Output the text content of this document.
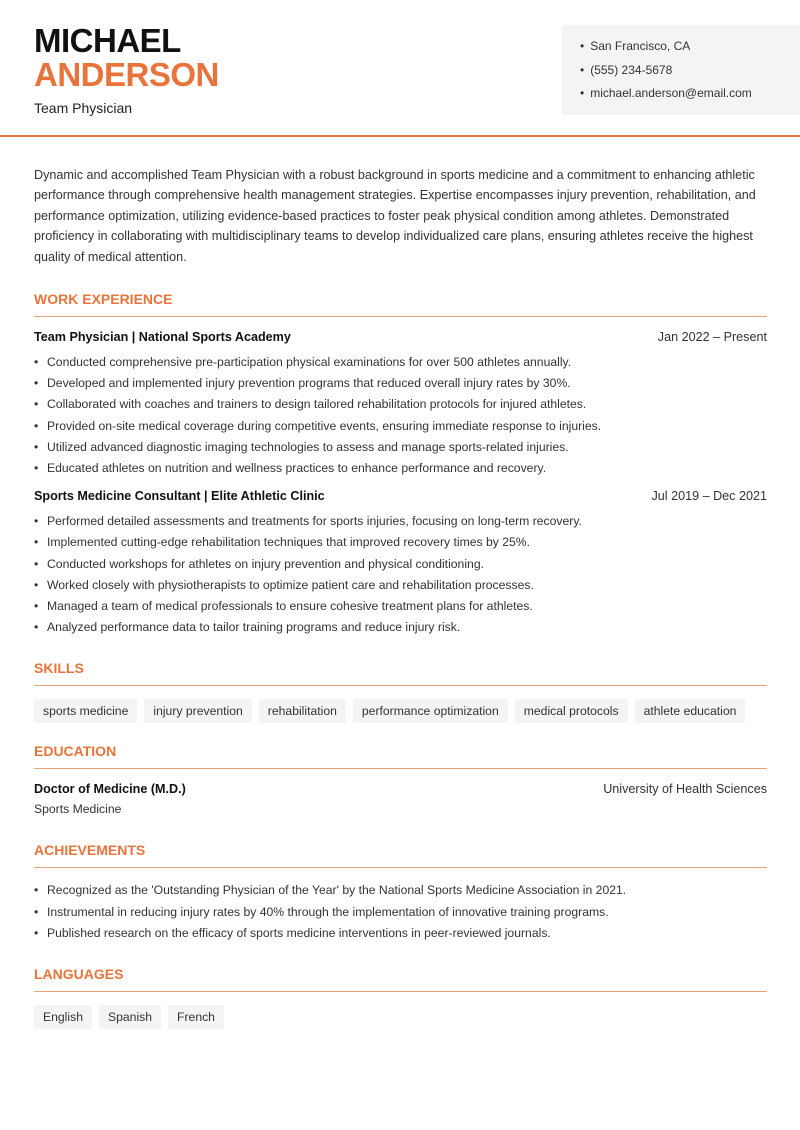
MICHAEL
ANDERSON
Team Physician
• San Francisco, CA
• (555) 234-5678
• michael.anderson@email.com

Dynamic and accomplished Team Physician with a robust background in sports medicine and a commitment to enhancing athletic performance through comprehensive health management strategies. Expertise encompasses injury prevention, rehabilitation, and performance optimization, utilizing evidence-based practices to foster peak physical condition among athletes. Demonstrated proficiency in collaborating with multidisciplinary teams to develop individualized care plans, ensuring athletes receive the highest quality of medical attention.

WORK EXPERIENCE
Team Physician | National Sports Academy	Jan 2022 – Present
• Conducted comprehensive pre-participation physical examinations for over 500 athletes annually.
• Developed and implemented injury prevention programs that reduced overall injury rates by 30%.
• Collaborated with coaches and trainers to design tailored rehabilitation protocols for injured athletes.
• Provided on-site medical coverage during competitive events, ensuring immediate response to injuries.
• Utilized advanced diagnostic imaging technologies to assess and manage sports-related injuries.
• Educated athletes on nutrition and wellness practices to enhance performance and recovery.
Sports Medicine Consultant | Elite Athletic Clinic	Jul 2019 – Dec 2021
• Performed detailed assessments and treatments for sports injuries, focusing on long-term recovery.
• Implemented cutting-edge rehabilitation techniques that improved recovery times by 25%.
• Conducted workshops for athletes on injury prevention and physical conditioning.
• Worked closely with physiotherapists to optimize patient care and rehabilitation processes.
• Managed a team of medical professionals to ensure cohesive treatment plans for athletes.
• Analyzed performance data to tailor training programs and reduce injury risk.
SKILLS
sports medicine	injury prevention	rehabilitation	performance optimization	medical protocols	athlete education
EDUCATION
Doctor of Medicine (M.D.)	University of Health Sciences
Sports Medicine
ACHIEVEMENTS
• Recognized as the 'Outstanding Physician of the Year' by the National Sports Medicine Association in 2021.
• Instrumental in reducing injury rates by 40% through the implementation of innovative training programs.
• Published research on the efficacy of sports medicine interventions in peer-reviewed journals.
LANGUAGES
English	Spanish	French
